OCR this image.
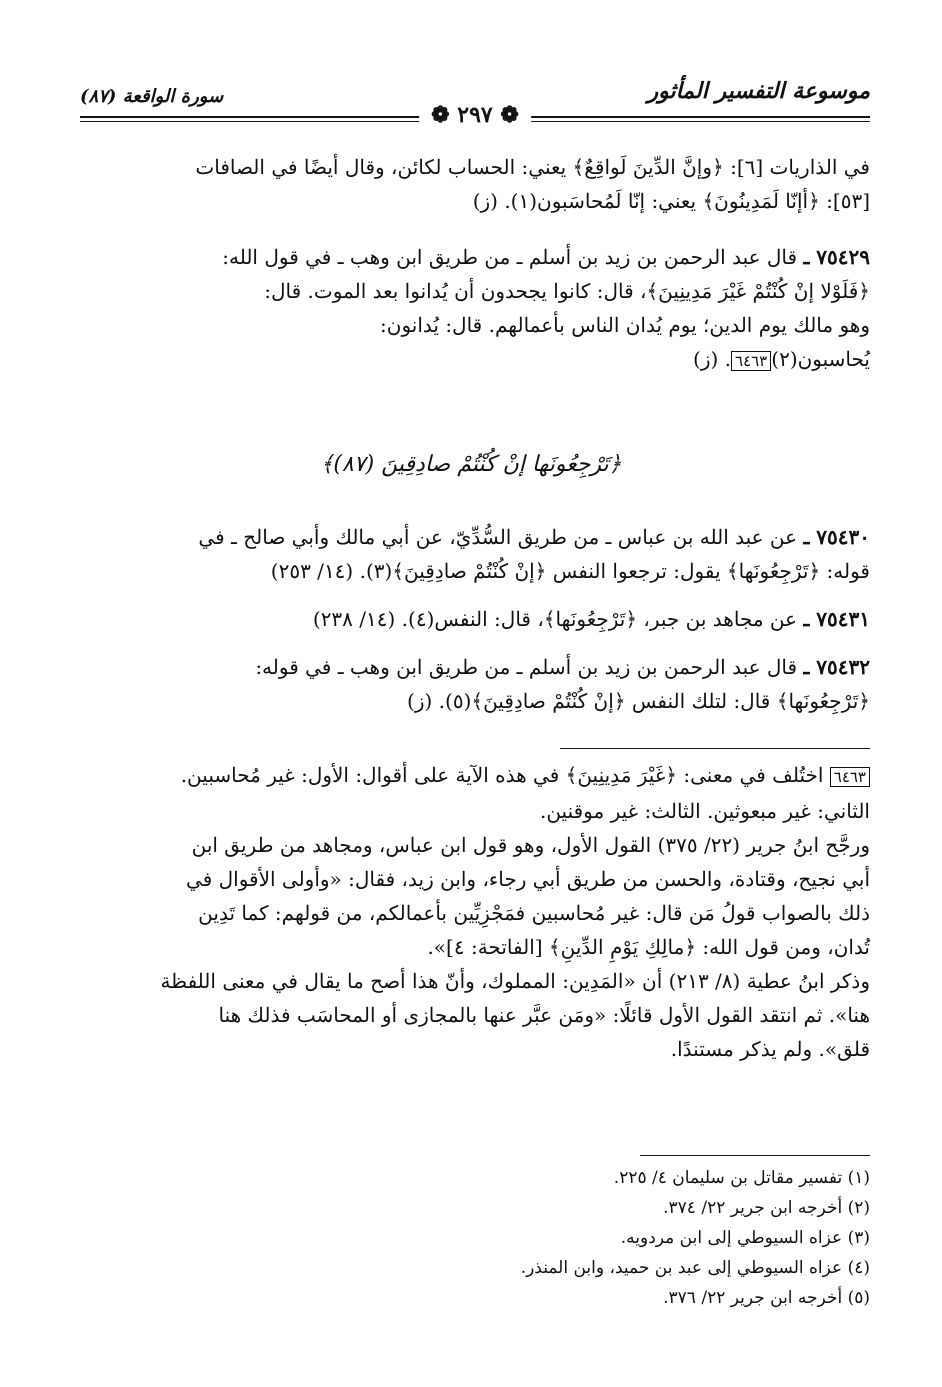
موسوعة التفسير المأثور
سورة الواقعة (٨٧)
❁ ٢٩٧ ❁
في الذاريات [٦]: ﴿وإنَّ الدِّينَ لَواقِعٌ﴾ يعني: الحساب لكائن، وقال أيضًا في الصافات
[٥٣]: ﴿أإنّا لَمَدِينُونَ﴾ يعني: إنّا لَمُحاسَبون(١). (ز)
٧٥٤٢٩ ـ قال عبد الرحمن بن زيد بن أسلم ـ من طريق ابن وهب ـ في قول الله:
﴿فَلَوْلا إنْ كُنْتُمْ غَيْرَ مَدِينِينَ﴾، قال: كانوا يجحدون أن يُدانوا بعد الموت. قال:
وهو مالك يوم الدين؛ يوم يُدان الناس بأعمالهم. قال: يُدانون:
يُحاسبون(٢)٦٤٦٣. (ز)
﴿تَرْجِعُونَها إنْ كُنْتُمْ صادِقِينَ (٨٧)﴾
٧٥٤٣٠ ـ عن عبد الله بن عباس ـ من طريق السُّدِّيّ، عن أبي مالك وأبي صالح ـ في
قوله: ﴿تَرْجِعُونَها﴾ يقول: ترجعوا النفس ﴿إنْ كُنْتُمْ صادِقِينَ﴾(٣). (١٤/ ٢٥٣)
٧٥٤٣١ ـ عن مجاهد بن جبر، ﴿تَرْجِعُونَها﴾، قال: النفس(٤). (١٤/ ٢٣٨)
٧٥٤٣٢ ـ قال عبد الرحمن بن زيد بن أسلم ـ من طريق ابن وهب ـ في قوله:
﴿تَرْجِعُونَها﴾ قال: لتلك النفس ﴿إنْ كُنْتُمْ صادِقِينَ﴾(٥). (ز)
٦٤٦٣ اختُلف في معنى: ﴿غَيْرَ مَدِينِينَ﴾ في هذه الآية على أقوال: الأول: غير مُحاسبين.
الثاني: غير مبعوثين. الثالث: غير موقنين.
ورجَّح ابنُ جرير (٢٢/ ٣٧٥) القول الأول، وهو قول ابن عباس، ومجاهد من طريق ابن
أبي نجيح، وقتادة، والحسن من طريق أبي رجاء، وابن زيد، فقال: «وأولى الأقوال في
ذلك بالصواب قولُ مَن قال: غير مُحاسبين فمَجْزِيِّين بأعمالكم، من قولهم: كما تَدِين
تُدان، ومن قول الله: ﴿مالِكِ يَوْمِ الدِّينِ﴾ [الفاتحة: ٤]».
وذكر ابنُ عطية (٨/ ٢١٣) أن «المَدِين: المملوك، وأنّ هذا أصح ما يقال في معنى اللفظة
هنا». ثم انتقد القول الأول قائلًا: «ومَن عبَّر عنها بالمجازى أو المحاسَب فذلك هنا
قلق». ولم يذكر مستندًا.
(١) تفسير مقاتل بن سليمان ٤/ ٢٢٥.
(٢) أخرجه ابن جرير ٢٢/ ٣٧٤.
(٣) عزاه السيوطي إلى ابن مردويه.
(٤) عزاه السيوطي إلى عبد بن حميد، وابن المنذر.
(٥) أخرجه ابن جرير ٢٢/ ٣٧٦.
